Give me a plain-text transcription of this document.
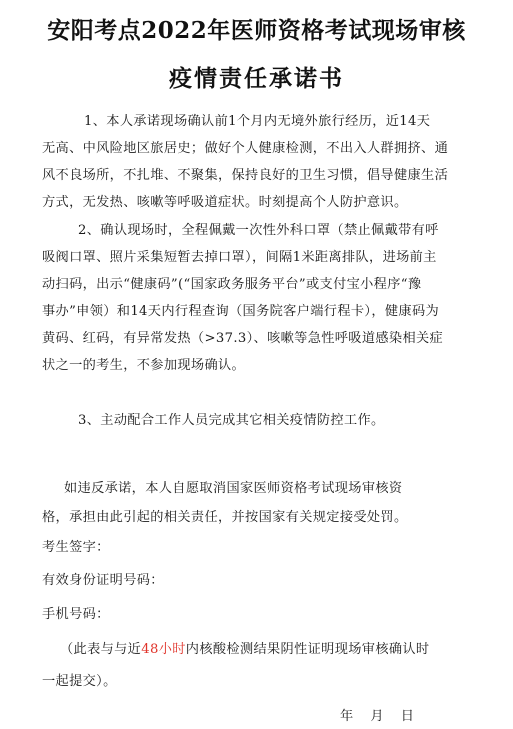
安阳考点2022年医师资格考试现场审核
疫情责任承诺书
1、本人承诺现场确认前1个月内无境外旅行经历，近14天
无高、中风险地区旅居史；做好个人健康检测，不出入人群拥挤、通
风不良场所，不扎堆、不聚集，保持良好的卫生习惯，倡导健康生活
方式，无发热、咳嗽等呼吸道症状。时刻提高个人防护意识。
2、确认现场时，全程佩戴一次性外科口罩（禁止佩戴带有呼
吸阀口罩、照片采集短暂去掉口罩），间隔1米距离排队，进场前主
动扫码，出示“健康码”(“国家政务服务平台”或支付宝小程序“豫
事办”申领）和14天内行程查询（国务院客户端行程卡），健康码为
黄码、红码，有异常发热（>37.3）、咳嗽等急性呼吸道感染相关症
状之一的考生，不参加现场确认。
3、主动配合工作人员完成其它相关疫情防控工作。
如违反承诺，本人自愿取消国家医师资格考试现场审核资
格，承担由此引起的相关责任，并按国家有关规定接受处罚。
考生签字：
有效身份证明号码：
手机号码：
（此表与与近48小时内核酸检测结果阴性证明现场审核确认时
一起提交）。
年　月　日
